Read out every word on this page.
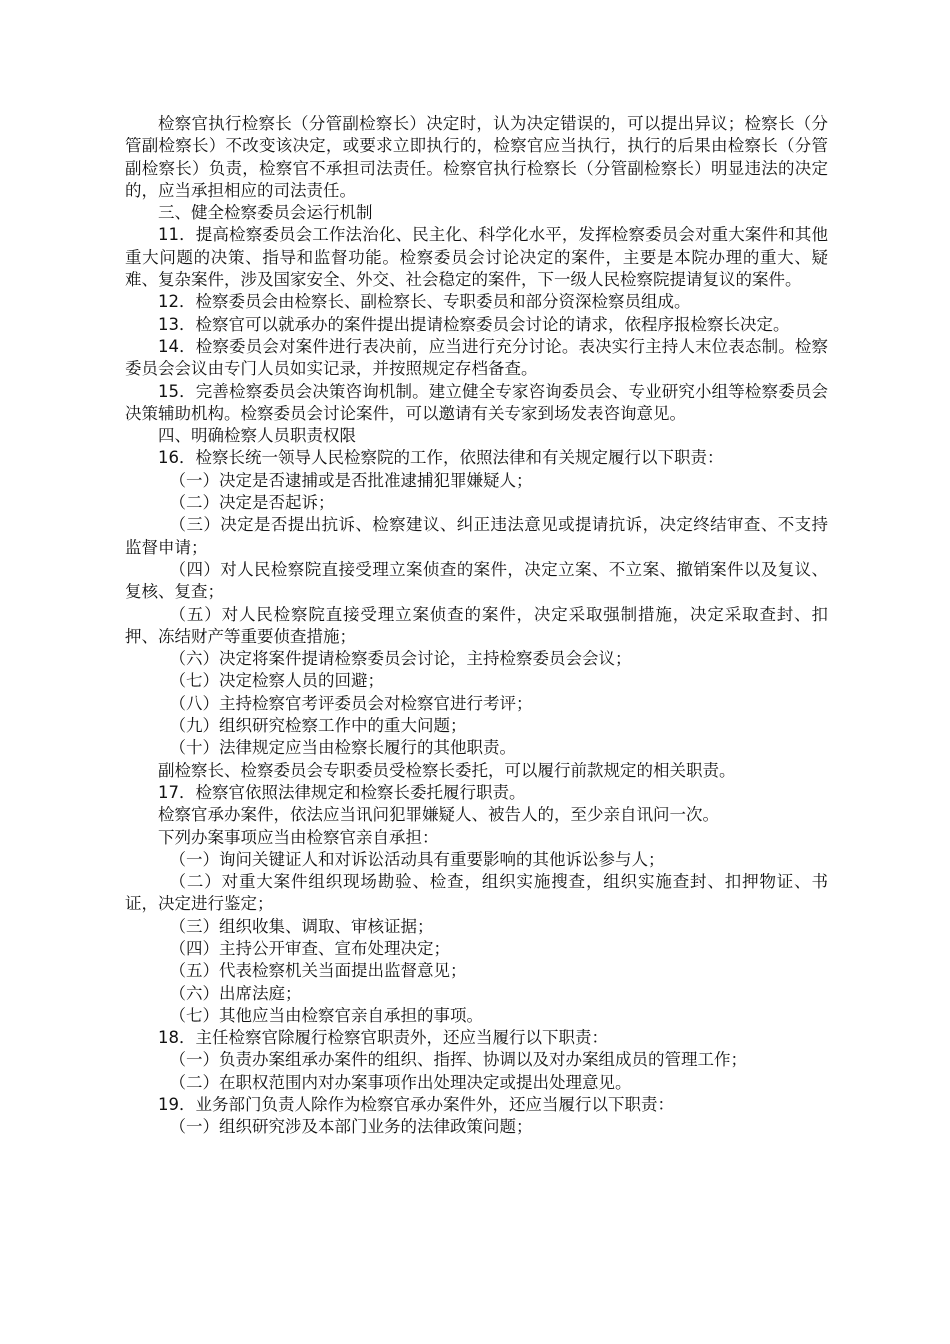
检察官执行检察长（分管副检察长）决定时，认为决定错误的，可以提出异议；检察长（分管副检察长）不改变该决定，或要求立即执行的，检察官应当执行，执行的后果由检察长（分管副检察长）负责，检察官不承担司法责任。检察官执行检察长（分管副检察长）明显违法的决定的，应当承担相应的司法责任。

三、健全检察委员会运行机制

11．提高检察委员会工作法治化、民主化、科学化水平，发挥检察委员会对重大案件和其他重大问题的决策、指导和监督功能。检察委员会讨论决定的案件，主要是本院办理的重大、疑难、复杂案件，涉及国家安全、外交、社会稳定的案件，下一级人民检察院提请复议的案件。

12．检察委员会由检察长、副检察长、专职委员和部分资深检察员组成。

13．检察官可以就承办的案件提出提请检察委员会讨论的请求，依程序报检察长决定。

14．检察委员会对案件进行表决前，应当进行充分讨论。表决实行主持人末位表态制。检察委员会会议由专门人员如实记录，并按照规定存档备查。

15．完善检察委员会决策咨询机制。建立健全专家咨询委员会、专业研究小组等检察委员会决策辅助机构。检察委员会讨论案件，可以邀请有关专家到场发表咨询意见。

四、明确检察人员职责权限

16．检察长统一领导人民检察院的工作，依照法律和有关规定履行以下职责：

（一）决定是否逮捕或是否批准逮捕犯罪嫌疑人；

（二）决定是否起诉；

（三）决定是否提出抗诉、检察建议、纠正违法意见或提请抗诉，决定终结审查、不支持监督申请；

（四）对人民检察院直接受理立案侦查的案件，决定立案、不立案、撤销案件以及复议、复核、复查；

（五）对人民检察院直接受理立案侦查的案件，决定采取强制措施，决定采取查封、扣押、冻结财产等重要侦查措施；

（六）决定将案件提请检察委员会讨论，主持检察委员会会议；

（七）决定检察人员的回避；

（八）主持检察官考评委员会对检察官进行考评；

（九）组织研究检察工作中的重大问题；

（十）法律规定应当由检察长履行的其他职责。

副检察长、检察委员会专职委员受检察长委托，可以履行前款规定的相关职责。

17．检察官依照法律规定和检察长委托履行职责。

检察官承办案件，依法应当讯问犯罪嫌疑人、被告人的，至少亲自讯问一次。

下列办案事项应当由检察官亲自承担：

（一）询问关键证人和对诉讼活动具有重要影响的其他诉讼参与人；

（二）对重大案件组织现场勘验、检查，组织实施搜查，组织实施查封、扣押物证、书证，决定进行鉴定；

（三）组织收集、调取、审核证据；

（四）主持公开审查、宣布处理决定；

（五）代表检察机关当面提出监督意见；

（六）出席法庭；

（七）其他应当由检察官亲自承担的事项。

18．主任检察官除履行检察官职责外，还应当履行以下职责：

（一）负责办案组承办案件的组织、指挥、协调以及对办案组成员的管理工作；

（二）在职权范围内对办案事项作出处理决定或提出处理意见。

19．业务部门负责人除作为检察官承办案件外，还应当履行以下职责：

（一）组织研究涉及本部门业务的法律政策问题；
